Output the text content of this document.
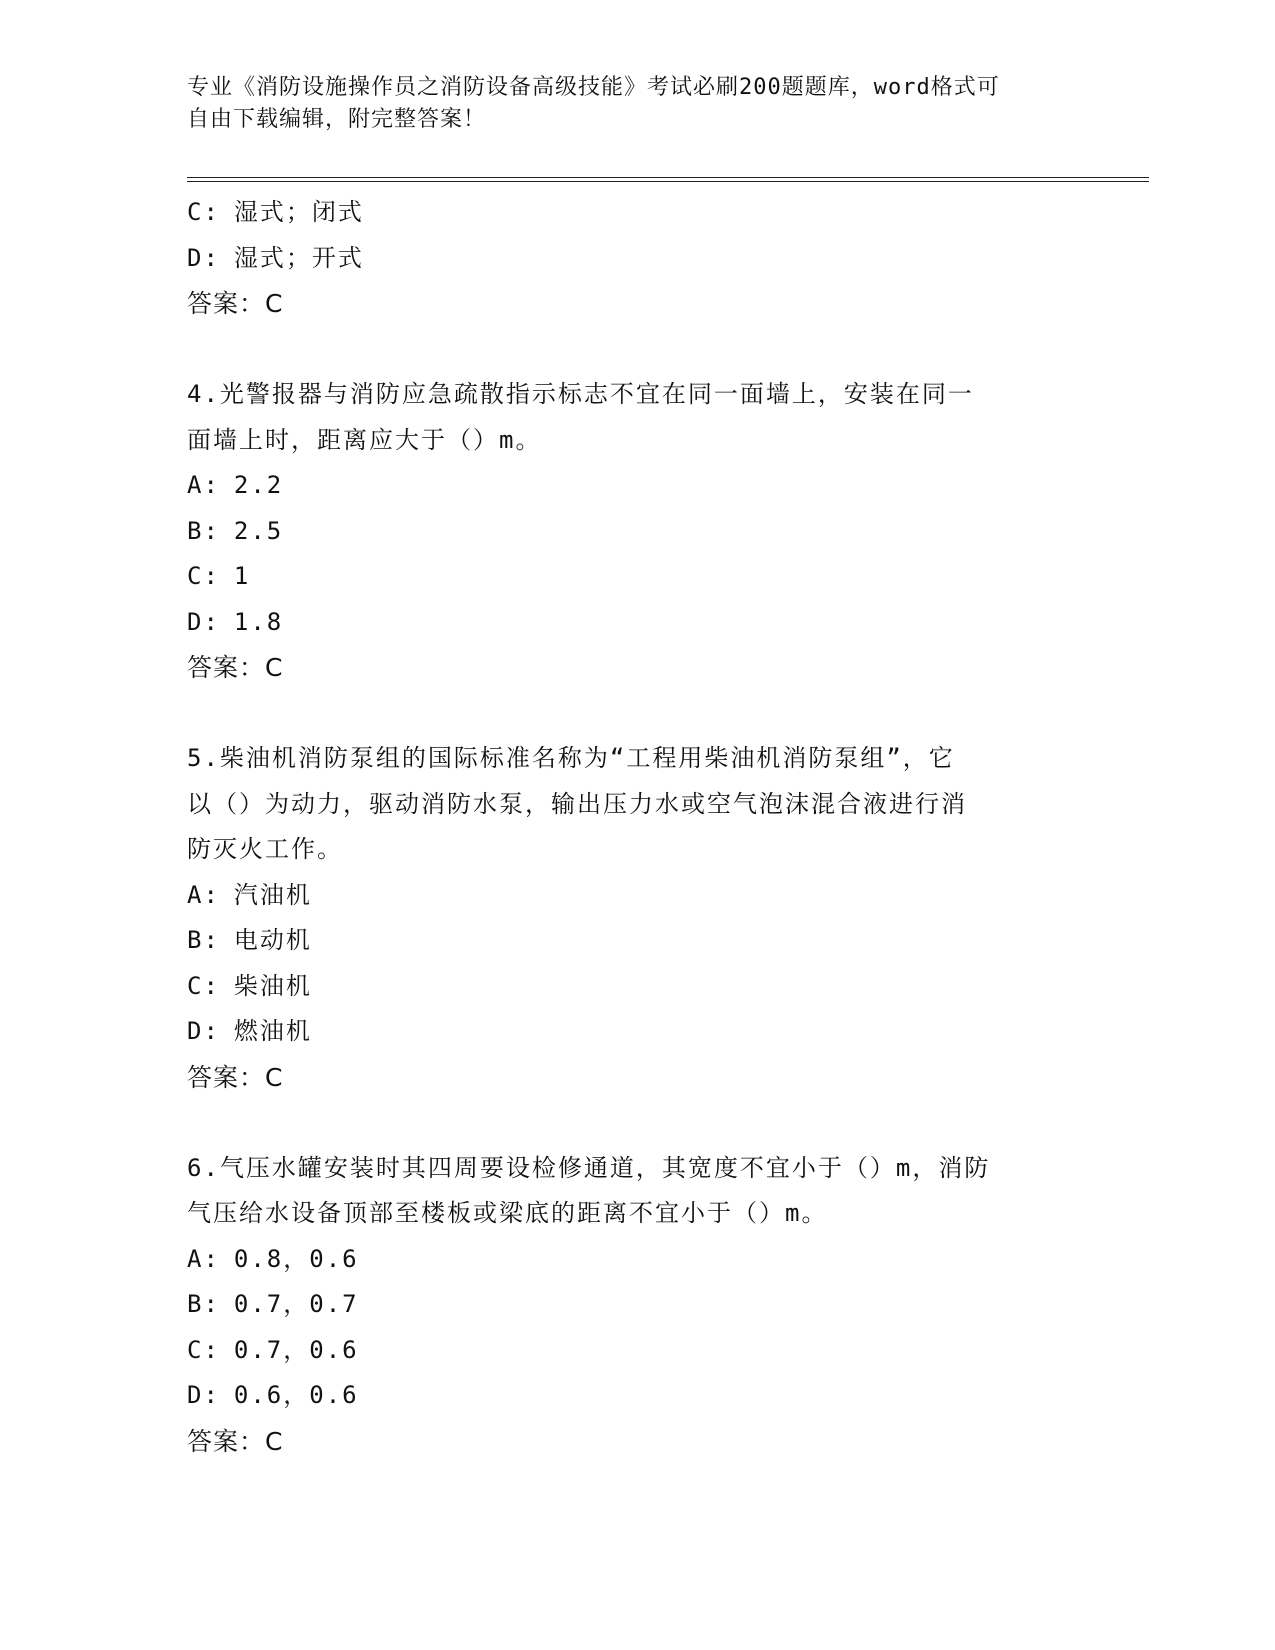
专业《消防设施操作员之消防设备高级技能》考试必刷200题题库，word格式可
自由下载编辑，附完整答案！
C: 湿式；闭式
D: 湿式；开式
答案：C
4.光警报器与消防应急疏散指示标志不宜在同一面墙上，安装在同一
面墙上时，距离应大于（）m。
A: 2.2
B: 2.5
C: 1
D: 1.8
答案：C
5.柴油机消防泵组的国际标准名称为“工程用柴油机消防泵组”，它
以（）为动力，驱动消防水泵，输出压力水或空气泡沫混合液进行消
防灭火工作。
A: 汽油机
B: 电动机
C: 柴油机
D: 燃油机
答案：C
6.气压水罐安装时其四周要设检修通道，其宽度不宜小于（）m，消防
气压给水设备顶部至楼板或梁底的距离不宜小于（）m。
A: 0.8，0.6
B: 0.7，0.7
C: 0.7，0.6
D: 0.6，0.6
答案：C
